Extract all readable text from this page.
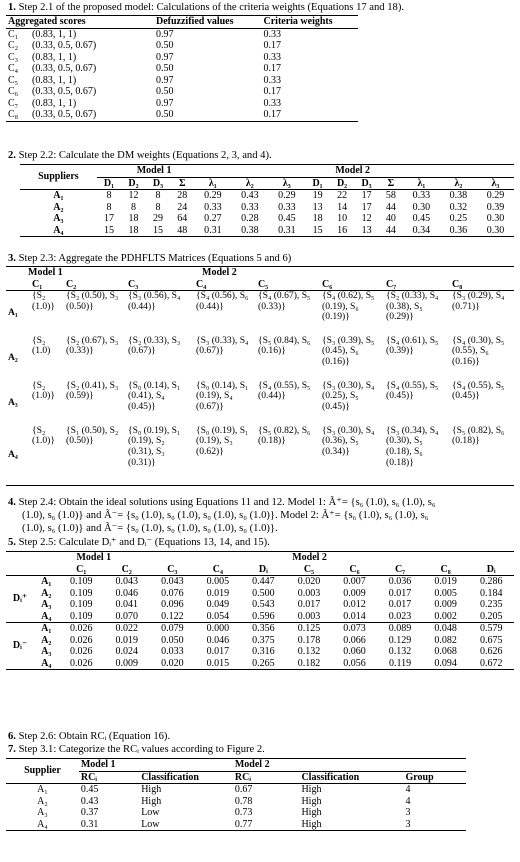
1. Step 2.1 of the proposed model: Calculations of the criteria weights (Equations 17 and 18).
Aggregated scores		Defuzzified values	Criteria weights
C₁	(0.83, 1, 1)	0.97	0.33
C₂	(0.33, 0.5, 0.67)	0.50	0.17
C₃	(0.83, 1, 1)	0.97	0.33
C₄	(0.33, 0.5, 0.67)	0.50	0.17
C₅	(0.83, 1, 1)	0.97	0.33
C₆	(0.33, 0.5, 0.67)	0.50	0.17
C₇	(0.83, 1, 1)	0.97	0.33
C₈	(0.33, 0.5, 0.67)	0.50	0.17
2. Step 2.2: Calculate the DM weights (Equations 2, 3, and 4).
Suppliers	Model 1							Model 2						
	D₁	D₂	D₃	Σ	λ₁	λ₂	λ₃	D₁	D₂	D₃	Σ	λ₁	λ₂	λ₃
A₁	8	12	8	28	0.29	0.43	0.29	19	22	17	58	0.33	0.38	0.29
A₂	8	8	8	24	0.33	0.33	0.33	13	14	17	44	0.30	0.32	0.39
A₃	17	18	29	64	0.27	0.28	0.45	18	10	12	40	0.45	0.25	0.30
A₄	15	18	15	48	0.31	0.38	0.31	15	16	13	44	0.34	0.36	0.30
3. Step 2.3: Aggregate the PDHFLTS Matrices (Equations 5 and 6)
Model 1				Model 2				
	C₁	C₂	C₃	C₄	C₅	C₆	C₇	C₈
A₁	{S₂ (1.0)}	{S₂ (0.50), S₃ (0.50)}	{S₃ (0.56), S₄ (0.44)}	{S₄ (0.56), S₆ (0.44)}	{S₄ (0.67), S₅ (0.33)}	{S₄ (0.62), S₅ (0.19), S₆ (0.19)}	{S₂ (0.33), S₄ (0.38), S₅ (0.29)}	{S₃ (0.29), S₄ (0.71)}
A₂	{S₂ (1.0)	{S₂ (0.67), S₃ (0.33)}	{S₂ (0.33), S₃ (0.67)}	{S₃ (0.33), S₄ (0.67)}	{S₅ (0.84), S₆ (0.16)}	{S₃ (0.39), S₅ (0.45), S₆ (0.16)}	{S₄ (0.61), S₅ (0.39)}	{S₄ (0.30), S₅ (0.55), S₆ (0.16)}
A₃	{S₂ (1.0)}	{S₂ (0.41), S₃ (0.59)}	{S₀ (0.14), S₁ (0.41), S₄ (0.45)}	{S₀ (0.14), S₁ (0.19), S₄ (0.67)}	{S₄ (0.55), S₅ (0.44)}	{S₃ (0.30), S₄ (0.25), S₅ (0.45)}	{S₄ (0.55), S₅ (0.45)}	{S₄ (0.55), S₅ (0.45)}
A₄	{S₂ (1.0)}	{S₁ (0.50), S₂ (0.50)}	{S₀ (0.19), S₁ (0.19), S₂ (0.31), S₃ (0.31)}	{S₀ (0.19), S₁ (0.19), S₃ (0.62)}	{S₅ (0.82), S₆ (0.18)}	{S₃ (0.30), S₄ (0.36), S₅ (0.34)}	{S₃ (0.34), S₄ (0.30), S₅ (0.18), S₆ (0.18)}	{S₅ (0.82), S₆ (0.18)}
4. Step 2.4: Obtain the ideal solutions using Equations 11 and 12. Model 1: Ã⁺= {s₆ (1.0), s₆ (1.0), s₆
(1.0), s₆ (1.0)} and Ã⁻= {s₀ (1.0), s₀ (1.0), s₀ (1.0), s₀ (1.0)}. Model 2: Ã⁺= {s₆ (1.0), s₆ (1.0), s₆
(1.0), s₆ (1.0)} and Ã⁻= {s₀ (1.0), s₀ (1.0), s₀ (1.0), s₀ (1.0)}.
5. Step 2.5: Calculate Dᵢ⁺ and Dᵢ⁻ (Equations 13, 14, and 15).
		Model 1					Model 2				
		C₁	C₂	C₃	C₄	Dᵢ	C₅	C₆	C₇	C₈	Dᵢ
Dᵢ⁺	A₁	0.109	0.043	0.043	0.005	0.447	0.020	0.007	0.036	0.019	0.286
	A₂	0.109	0.046	0.076	0.019	0.500	0.003	0.009	0.017	0.005	0.184
	A₃	0.109	0.041	0.096	0.049	0.543	0.017	0.012	0.017	0.009	0.235
	A₄	0.109	0.070	0.122	0.054	0.596	0.003	0.014	0.023	0.002	0.205
Dᵢ⁻	A₁	0.026	0.022	0.079	0.000	0.356	0.125	0.073	0.089	0.048	0.579
	A₂	0.026	0.019	0.050	0.046	0.375	0.178	0.066	0.129	0.082	0.675
	A₃	0.026	0.024	0.033	0.017	0.316	0.132	0.060	0.132	0.068	0.626
	A₄	0.026	0.009	0.020	0.015	0.265	0.182	0.056	0.119	0.094	0.672
6. Step 2.6: Obtain RCᵢ (Equation 16).
7. Step 3.1: Categorize the RCᵢ values according to Figure 2.
Supplier	Model 1		Model 2		
	RCᵢ	Classification	RCᵢ	Classification	Group
A₁	0.45	High	0.67	High	4
A₂	0.43	High	0.78	High	4
A₃	0.37	Low	0.73	High	3
A₄	0.31	Low	0.77	High	3
